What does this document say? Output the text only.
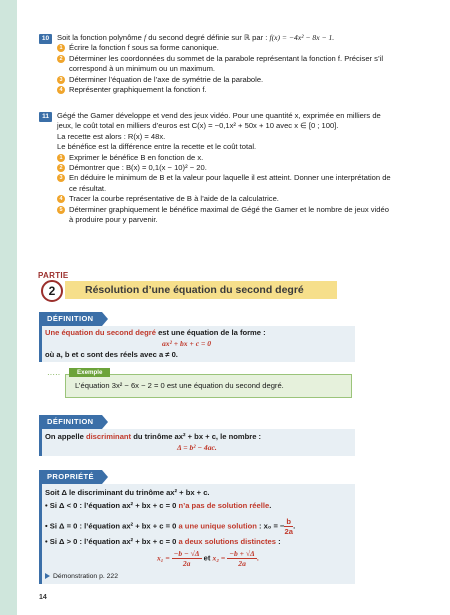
10	Soit la fonction polynôme f du second degré définie sur ℝ par : f(x) = −4x² − 8x − 1.
1 Écrire la fonction f sous sa forme canonique.
2 Déterminer les coordonnées du sommet de la parabole représentant la fonction f. Préciser s’il correspond à un minimum ou un maximum.
3 Déterminer l’équation de l’axe de symétrie de la parabole.
4 Représenter graphiquement la fonction f.
11	Gégé the Gamer développe et vend des jeux vidéo. Pour une quantité x, exprimée en milliers de jeux, le coût total en milliers d’euros est C(x) = −0,1x² + 50x + 10 avec x ∈ [0 ; 100].
La recette est alors : R(x) = 48x.
Le bénéfice est la différence entre la recette et le coût total.
1 Exprimer le bénéfice B en fonction de x.
2 Démontrer que : B(x) = 0,1(x − 10)² − 20.
3 En déduire le minimum de B et la valeur pour laquelle il est atteint. Donner une interprétation de ce résultat.
4 Tracer la courbe représentative de B à l’aide de la calculatrice.
5 Déterminer graphiquement le bénéfice maximal de Gégé the Gamer et le nombre de jeux vidéo à produire pour y parvenir.
PARTIE
Résolution d’une équation du second degré
2
DÉFINITION
Une équation du second degré est une équation de la forme :
ax² + bx + c = 0
où a, b et c sont des réels avec a ≠ 0.
·····	Exemple
L’équation 3x² − 6x − 2 = 0 est une équation du second degré.
DÉFINITION
On appelle discriminant du trinôme ax² + bx + c, le nombre :
Δ = b² − 4ac.
PROPRIÉTÉ
Soit Δ le discriminant du trinôme ax² + bx + c.
• Si Δ < 0 : l’équation ax² + bx + c = 0 n’a pas de solution réelle.
• Si Δ = 0 : l’équation ax² + bx + c = 0 a une unique solution : x₀ = − $\frac{b}{2a}$ .
• Si Δ > 0 : l’équation ax² + bx + c = 0 a deux solutions distinctes :
$x_1 = \frac{-b - √\Delta}{2a}$ et $x_2 = \frac{-b + √\Delta}{2a}$ .
Démonstration p. 222
14
